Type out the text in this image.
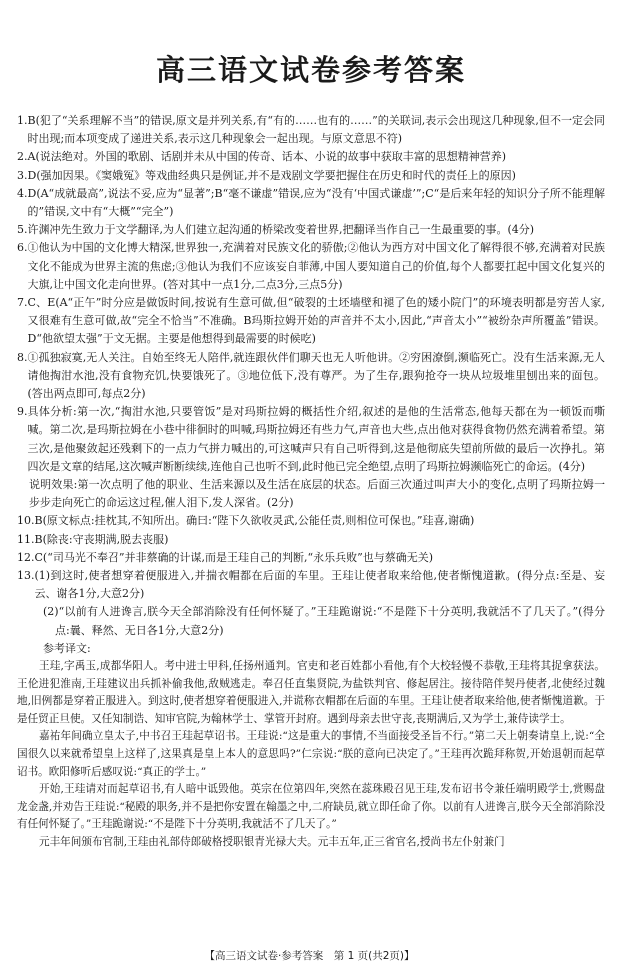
高三语文试卷参考答案
1. B(犯了“关系理解不当”的错误,原文是并列关系,有“有的……也有的……”的关联词,表示会出现这几种现象,但不一定会同时出现;而本项变成了递进关系,表示这几种现象会一起出现。与原文意思不符)
2. A(说法绝对。外国的歌剧、话剧并未从中国的传奇、话本、小说的故事中获取丰富的思想精神营养)
3. D(强加因果。《窦娥冤》等戏曲经典只是例证,并不是戏剧文学要把握住在历史和时代的责任上的原因)
4. D(A“成就最高”,说法不妥,应为“显著”;B“毫不谦虚”错误,应为“没有‘中国式谦虚’”;C“是后来年轻的知识分子所不能理解的”错误,文中有“大概”“完全”)
5. 许渊冲先生致力于文学翻译,为人们建立起沟通的桥梁改变着世界,把翻译当作自己一生最重要的事。(4分)
6. ①他认为中国的文化博大精深,世界独一,充满着对民族文化的骄傲;②他认为西方对中国文化了解得很不够,充满着对民族文化不能成为世界主流的焦虑;③他认为我们不应该妄自菲薄,中国人要知道自己的价值,每个人都要扛起中国文化复兴的大旗,让中国文化走向世界。(答对其中一点1分,二点3分,三点5分)
7. C、E(A“正午”时分应是做饭时间,按说有生意可做,但“破裂的土坯墙壁和褪了色的矮小院门”的环境表明都是穷苦人家,又很难有生意可做,故“完全不恰当”不准确。B玛斯拉姆开始的声音并不太小,因此,“声音太小”“被纷杂声所覆盖”错误。D“他欲望太强”于文无据。主要是他想得到最需要的时候吃)
8. ①孤独寂寞,无人关注。自始至终无人陪伴,就连跟伙伴们聊天也无人听他讲。②穷困潦倒,濒临死亡。没有生活来源,无人请他掏泔水池,没有食物充饥,快要饿死了。③地位低下,没有尊严。为了生存,跟狗抢夺一块从垃圾堆里刨出来的面包。(答出两点即可,每点2分)
9. 具体分析:第一次,“掏泔水池,只要管饭”是对玛斯拉姆的概括性介绍,叙述的是他的生活常态,他每天都在为一顿饭而嘶喊。第二次,是玛斯拉姆在小巷中徘徊时的叫喊,玛斯拉姆还有些力气,声音也大些,点出他对获得食物仍然充满着希望。第三次,是他聚敛起还残剩下的一点力气拼力喊出的,可这喊声只有自己听得到,这是他彻底失望前所做的最后一次挣扎。第四次是文章的结尾,这次喊声断断续续,连他自己也听不到,此时他已完全绝望,点明了玛斯拉姆濒临死亡的命运。(4分)
说明效果:第一次点明了他的职业、生活来源以及生活在底层的状态。后面三次通过叫声大小的变化,点明了玛斯拉姆一步步走向死亡的命运这过程,催人泪下,发人深省。(2分)
10. B(原文标点:挂枕其,不知所出。确曰:“陛下久欲收灵武,公能任责,则相位可保也。”珪喜,谢确)
11. B(除丧:守丧期满,脱去丧服)
12. C(“司马光不奉召”并非蔡确的计谋,而是王珪自己的判断,“永乐兵败”也与蔡确无关)
13. (1)到这时,使者想穿着便服进入,并揣衣帽都在后面的车里。王珪让使者取来给他,使者惭愧道歉。(得分点:至是、妄云、谢各1分,大意2分)
(2)“以前有人进谗言,朕今天全部消除没有任何怀疑了。”王珪跪谢说:“不是陛下十分英明,我就活不了几天了。”(得分点:曩、释然、无日各1分,大意2分)
参考译文:

王珪,字禹玉,成都华阳人。考中进士甲科,任扬州通判。官吏和老百姓都小看他,有个大校轻慢不恭敬,王珪将其捉拿获法。王伦进犯淮南,王珪建议出兵抓补偷我他,敌贼逃走。奉召任直集贤院,为盐铁判官、修起居注。接待陪伴契丹使者,北使经过魏地,旧例都是穿着正服进入。到这时,使者想穿着便服进入,并谎称衣帽都在后面的车里。王珪让使者取来给他,使者惭愧道歉。于是任贸正旦使。又任知制诰、知审官院,为翰林学士、掌管开封府。遇到母亲去世守丧,丧期满后,又为学士,兼侍读学士。

嘉祐年间确立皇太子,中书召王珪起草诏书。王珪说:“这是重大的事情,不当面接受圣旨不行。”第二天上朝奏请皇上,说:“全国很久以来就希望皇上这样了,这果真是皇上本人的意思吗?”仁宗说:“朕的意向已决定了。”王珪再次跪拜称贺,开始退朝而起草诏书。欧阳修听后感叹说:“真正的学士。”

开始,王珪请对而起草诏书,有人暗中诋毁他。英宗在位第四年,突然在蕊珠殿召见王珪,发布诏书令兼任端明殿学士,赏赐盘龙金盏,并劝告王珪说:“秘殿的职务,并不是把你安置在翰墨之中,二府缺员,就立即任命了你。以前有人进谗言,朕今天全部消除没有任何怀疑了。”王珪跪谢说:“不是陛下十分英明,我就活不了几天了。”

元丰年间颁布官制,王珪由礼部侍郎破格授职银青光禄大夫。元丰五年,正三省官名,授尚书左仆射兼门

【高三语文试卷·参考答案　第 1 页(共2页)】
